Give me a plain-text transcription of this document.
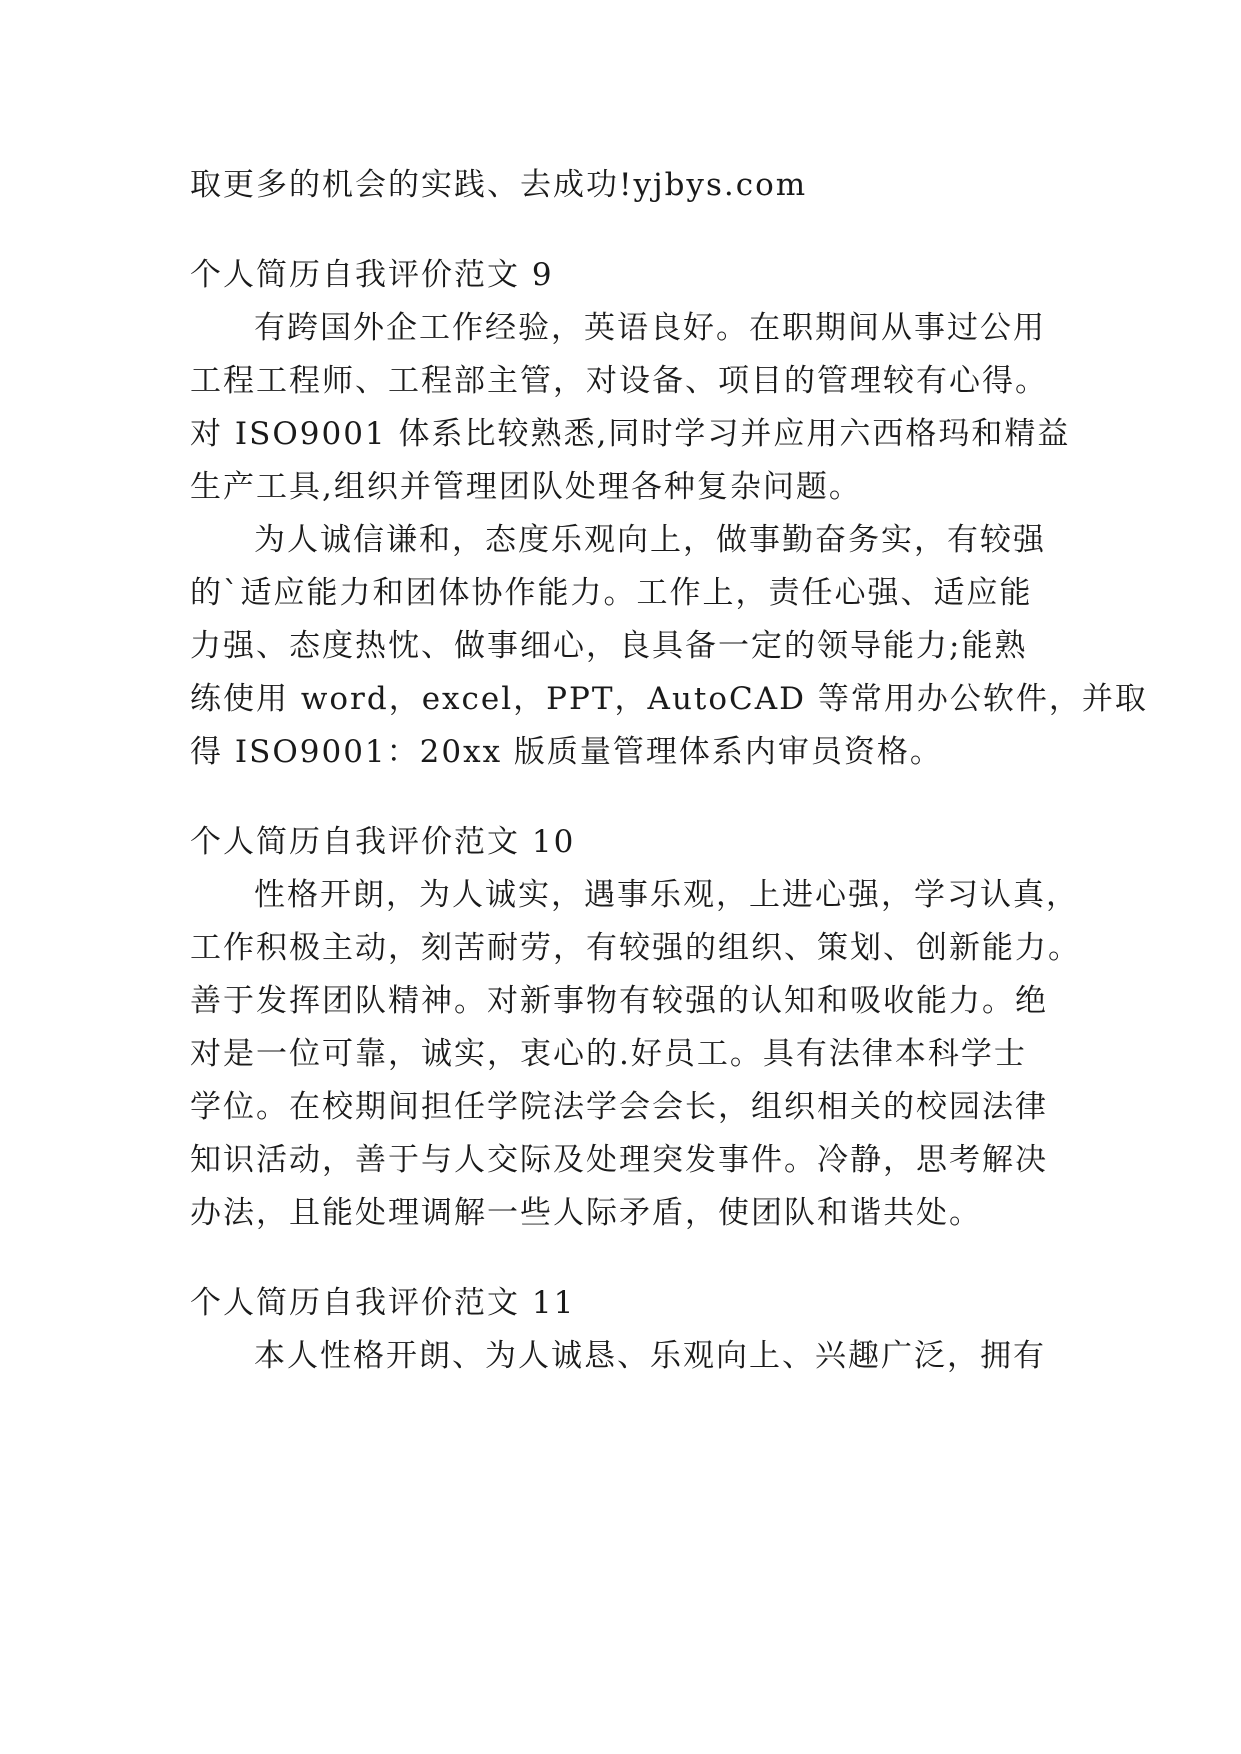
取更多的机会的实践、去成功!yjbys.com
个人简历自我评价范文 9
有跨国外企工作经验，英语良好。在职期间从事过公用
工程工程师、工程部主管，对设备、项目的管理较有心得。
对 ISO9001 体系比较熟悉,同时学习并应用六西格玛和精益
生产工具,组织并管理团队处理各种复杂问题。
为人诚信谦和，态度乐观向上，做事勤奋务实，有较强
的`适应能力和团体协作能力。工作上，责任心强、适应能
力强、态度热忱、做事细心，良具备一定的领导能力;能熟
练使用 word，excel，PPT，AutoCAD 等常用办公软件，并取
得 ISO9001：20xx 版质量管理体系内审员资格。
个人简历自我评价范文 10
性格开朗，为人诚实，遇事乐观，上进心强，学习认真，
工作积极主动，刻苦耐劳，有较强的组织、策划、创新能力。
善于发挥团队精神。对新事物有较强的认知和吸收能力。绝
对是一位可靠，诚实，衷心的.好员工。具有法律本科学士
学位。在校期间担任学院法学会会长，组织相关的校园法律
知识活动，善于与人交际及处理突发事件。冷静，思考解决
办法，且能处理调解一些人际矛盾，使团队和谐共处。
个人简历自我评价范文 11
本人性格开朗、为人诚恳、乐观向上、兴趣广泛，拥有
